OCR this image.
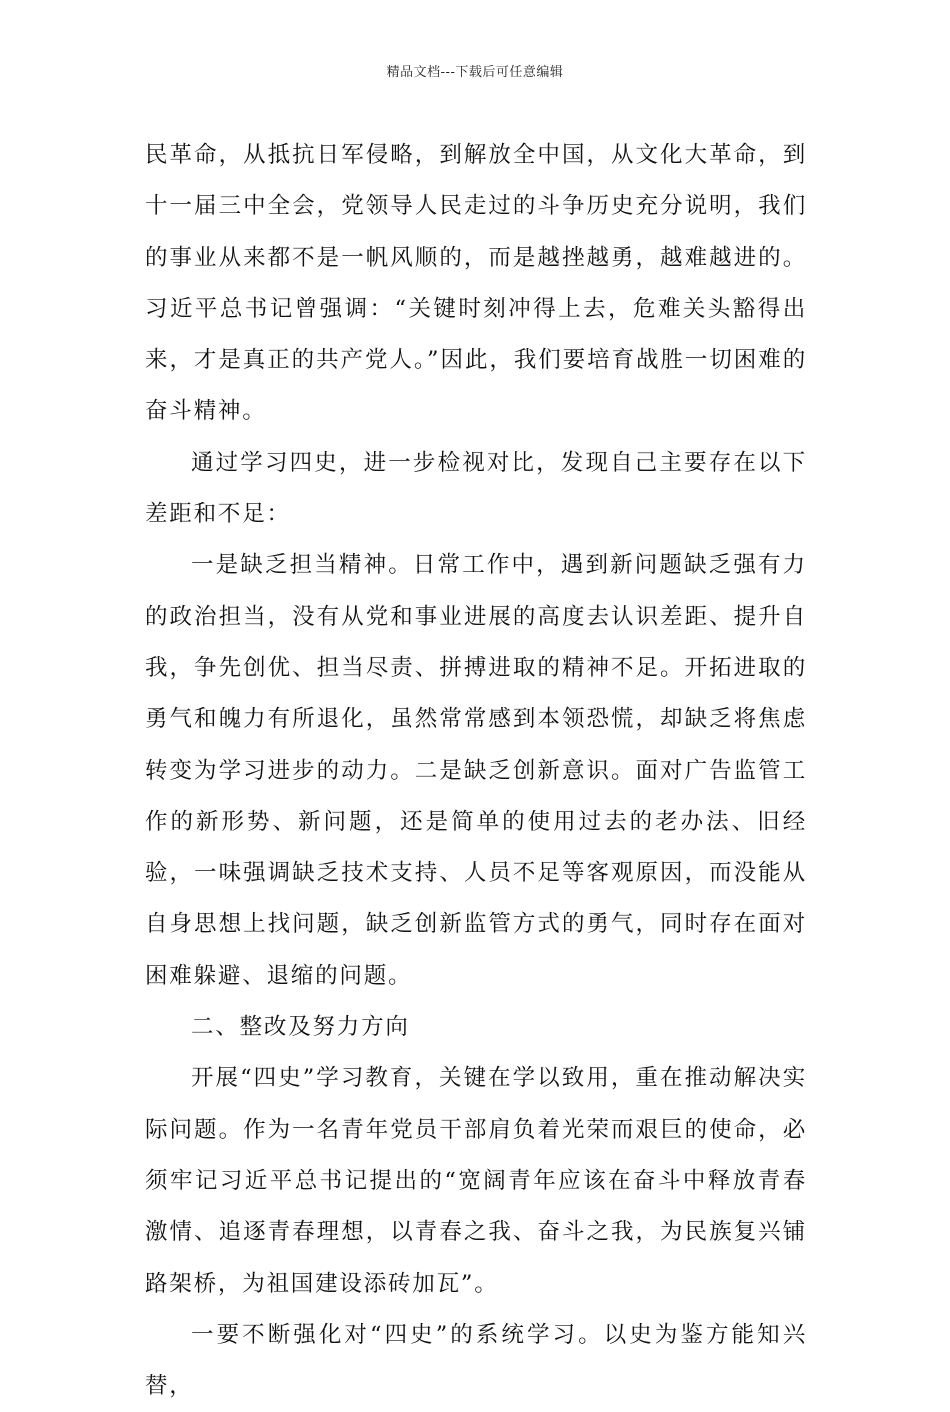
精品文档---下载后可任意编辑

民革命，从抵抗日军侵略，到解放全中国，从文化大革命，到十一届三中全会，党领导人民走过的斗争历史充分说明，我们的事业从来都不是一帆风顺的，而是越挫越勇，越难越进的。习近平总书记曾强调：“关键时刻冲得上去，危难关头豁得出来，才是真正的共产党人。”因此，我们要培育战胜一切困难的奋斗精神。

通过学习四史，进一步检视对比，发现自己主要存在以下差距和不足：

一是缺乏担当精神。日常工作中，遇到新问题缺乏强有力的政治担当，没有从党和事业进展的高度去认识差距、提升自我，争先创优、担当尽责、拼搏进取的精神不足。开拓进取的勇气和魄力有所退化，虽然常常感到本领恐慌，却缺乏将焦虑转变为学习进步的动力。二是缺乏创新意识。面对广告监管工作的新形势、新问题，还是简单的使用过去的老办法、旧经验，一味强调缺乏技术支持、人员不足等客观原因，而没能从自身思想上找问题，缺乏创新监管方式的勇气，同时存在面对困难躲避、退缩的问题。

二、整改及努力方向

开展“四史”学习教育，关键在学以致用，重在推动解决实际问题。作为一名青年党员干部肩负着光荣而艰巨的使命，必须牢记习近平总书记提出的“宽阔青年应该在奋斗中释放青春激情、追逐青春理想，以青春之我、奋斗之我，为民族复兴铺路架桥，为祖国建设添砖加瓦”。

一要不断强化对“四史”的系统学习。以史为鉴方能知兴替，
